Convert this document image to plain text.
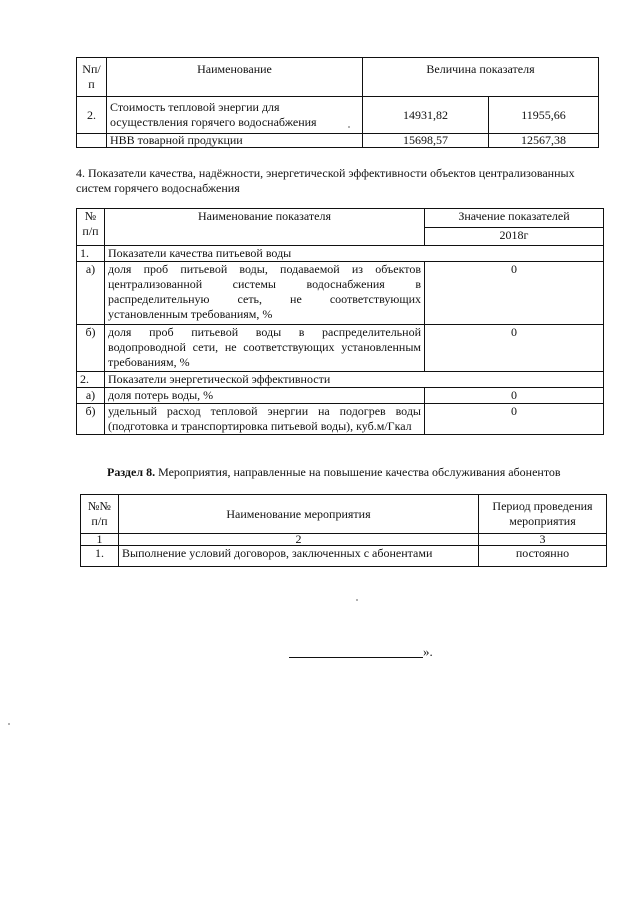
Nп/п	Наименование	Величина показателя	
2.	Стоимость тепловой энергии для осуществления горячего водоснабжения	14931,82	11955,66
	НВВ товарной продукции	15698,57	12567,38
4. Показатели качества, надёжности, энергетической эффективности объектов централизованных систем горячего водоснабжения
№ п/п	Наименование показателя	Значение показателей
		2018г
1.	Показатели качества питьевой воды	
а)	доля проб питьевой воды, подаваемой из объектов централизованной системы водоснабжения в распределительную сеть, не соответствующих установленным требованиям, %	0
б)	доля проб питьевой воды в распределительной водопроводной сети, не соответствующих установленным требованиям, %	0
2.	Показатели энергетической эффективности	
а)	доля потерь воды, %	0
б)	удельный расход тепловой энергии на подогрев воды (подготовка и транспортировка питьевой воды), куб.м/Гкал	0
Раздел 8. Мероприятия, направленные на повышение качества обслуживания абонентов
№№ п/п	Наименование мероприятия	Период проведения мероприятия
1	2	3
1.	Выполнение условий договоров, заключенных с абонентами	постоянно
».
